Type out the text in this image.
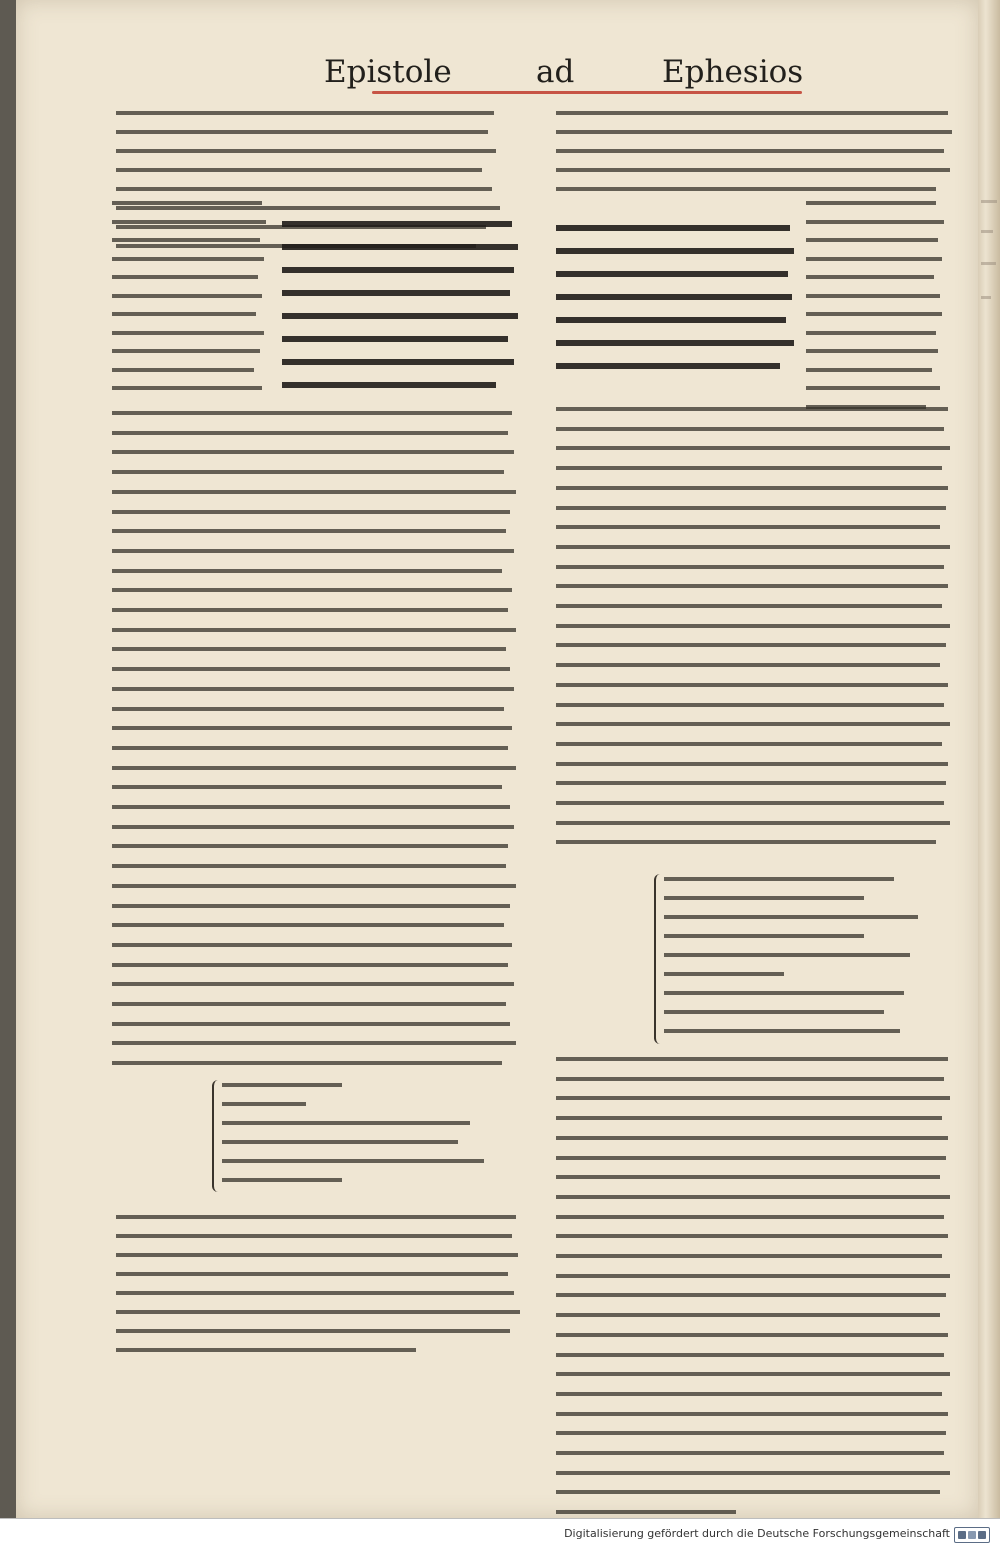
Epistole	ad	Ephesios
Digitalisierung gefördert durch die Deutsche Forschungsgemeinschaft
